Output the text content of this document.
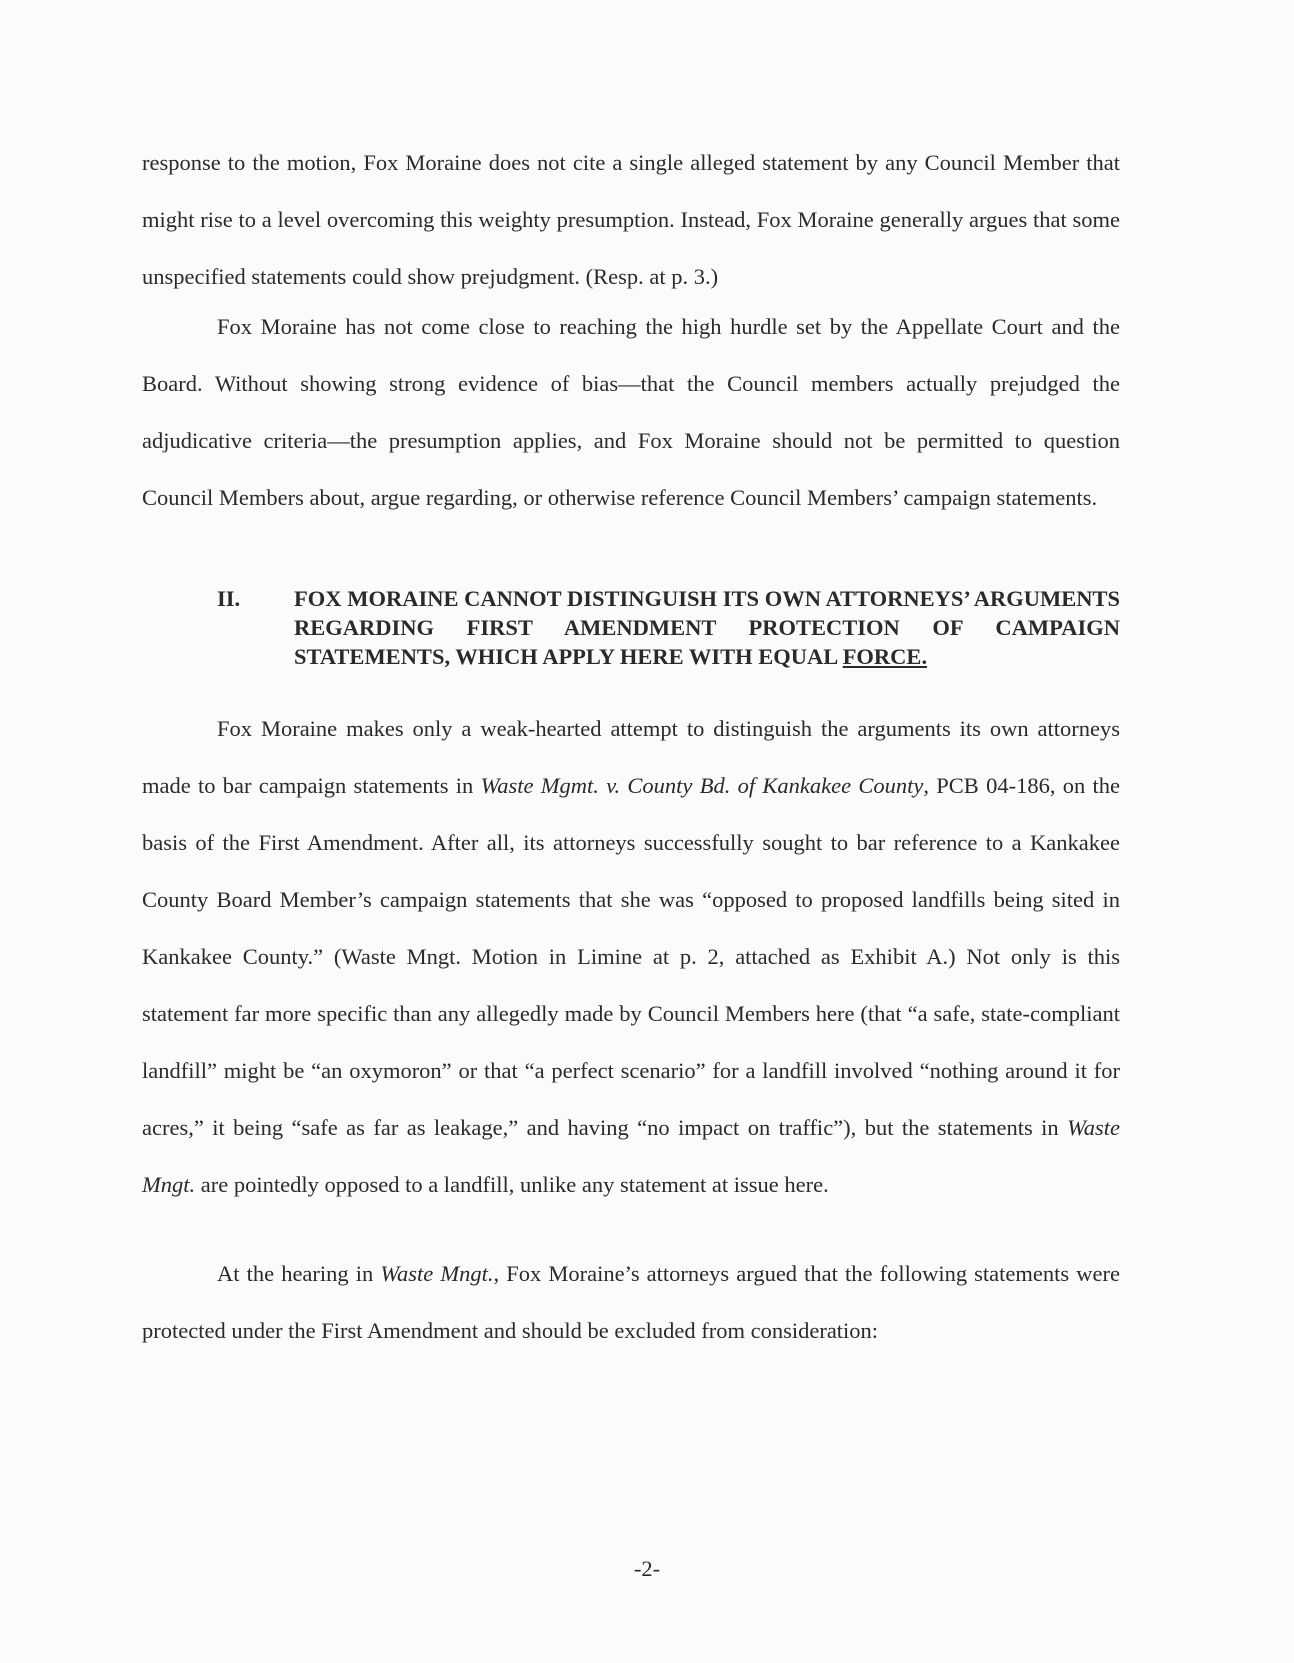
response to the motion, Fox Moraine does not cite a single alleged statement by any Council Member that might rise to a level overcoming this weighty presumption. Instead, Fox Moraine generally argues that some unspecified statements could show prejudgment. (Resp. at p. 3.)

Fox Moraine has not come close to reaching the high hurdle set by the Appellate Court and the Board. Without showing strong evidence of bias—that the Council members actually prejudged the adjudicative criteria—the presumption applies, and Fox Moraine should not be permitted to question Council Members about, argue regarding, or otherwise reference Council Members’ campaign statements.

II. FOX MORAINE CANNOT DISTINGUISH ITS OWN ATTORNEYS’ ARGUMENTS REGARDING FIRST AMENDMENT PROTECTION OF CAMPAIGN STATEMENTS, WHICH APPLY HERE WITH EQUAL FORCE.

Fox Moraine makes only a weak-hearted attempt to distinguish the arguments its own attorneys made to bar campaign statements in Waste Mgmt. v. County Bd. of Kankakee County, PCB 04-186, on the basis of the First Amendment. After all, its attorneys successfully sought to bar reference to a Kankakee County Board Member’s campaign statements that she was “opposed to proposed landfills being sited in Kankakee County.” (Waste Mngt. Motion in Limine at p. 2, attached as Exhibit A.) Not only is this statement far more specific than any allegedly made by Council Members here (that “a safe, state-compliant landfill” might be “an oxymoron” or that “a perfect scenario” for a landfill involved “nothing around it for acres,” it being “safe as far as leakage,” and having “no impact on traffic”), but the statements in Waste Mngt. are pointedly opposed to a landfill, unlike any statement at issue here.

At the hearing in Waste Mngt., Fox Moraine’s attorneys argued that the following statements were protected under the First Amendment and should be excluded from consideration:

-2-
